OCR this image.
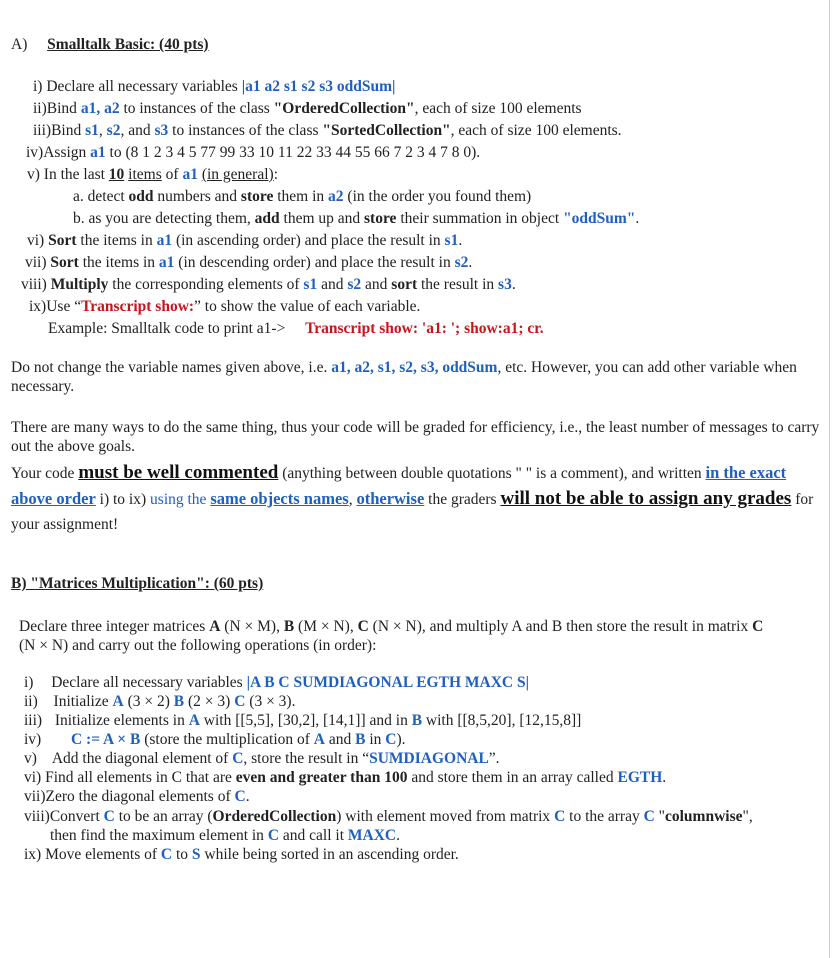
A) Smalltalk Basic: (40 pts)
i) Declare all necessary variables |a1 a2 s1 s2 s3 oddSum|
ii)Bind a1, a2 to instances of the class "OrderedCollection", each of size 100 elements
iii)Bind s1, s2, and s3 to instances of the class "SortedCollection", each of size 100 elements.
iv)Assign a1 to (8 1 2 3 4 5 77 99 33 10 11 22 33 44 55 66 7 2 3 4 7 8 0).
v) In the last 10 items of a1 (in general):
a. detect odd numbers and store them in a2 (in the order you found them)
b. as you are detecting them, add them up and store their summation in object "oddSum".
vi) Sort the items in a1 (in ascending order) and place the result in s1.
vii) Sort the items in a1 (in descending order) and place the result in s2.
viii) Multiply the corresponding elements of s1 and s2 and sort the result in s3.
ix)Use “Transcript show:” to show the value of each variable.
Example: Smalltalk code to print a1-> Transcript show: 'a1: '; show:a1; cr.
Do not change the variable names given above, i.e. a1, a2, s1, s2, s3, oddSum, etc. However, you can add other variable when necessary.
There are many ways to do the same thing, thus your code will be graded for efficiency, i.e., the least number of messages to carry out the above goals.
Your code must be well commented (anything between double quotations " " is a comment), and written in the exact above order i) to ix) using the same objects names, otherwise the graders will not be able to assign any grades for your assignment!
B) "Matrices Multiplication": (60 pts)
Declare three integer matrices A (N × M), B (M × N), C (N × N), and multiply A and B then store the result in matrix C
(N × N) and carry out the following operations (in order):
i) Declare all necessary variables |A B C SUMDIAGONAL EGTH MAXC S|
ii) Initialize A (3 × 2) B (2 × 3) C (3 × 3).
iii) Initialize elements in A with [[5,5], [30,2], [14,1]] and in B with [[8,5,20], [12,15,8]]
iv) C := A × B (store the multiplication of A and B in C).
v) Add the diagonal element of C, store the result in “SUMDIAGONAL”.
vi) Find all elements in C that are even and greater than 100 and store them in an array called EGTH.
vii)Zero the diagonal elements of C.
viii)Convert C to be an array (OrderedCollection) with element moved from matrix C to the array C "columnwise",
then find the maximum element in C and call it MAXC.
ix) Move elements of C to S while being sorted in an ascending order.
